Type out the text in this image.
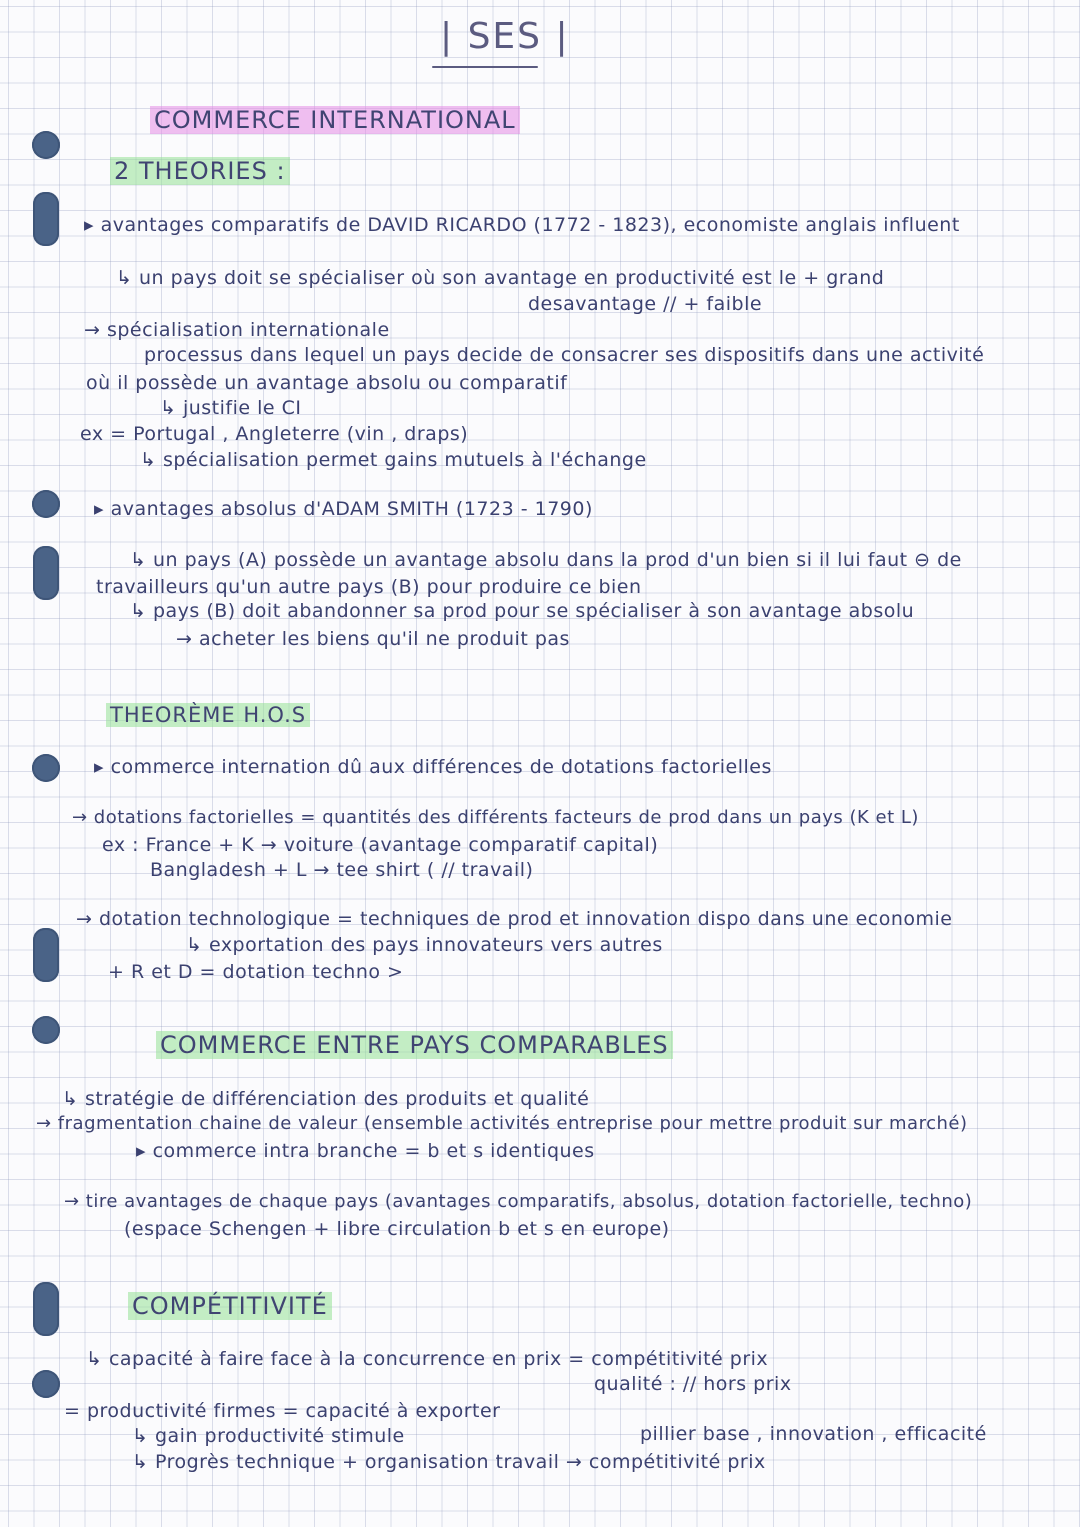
| SES |
COMMERCE INTERNATIONAL
2 THEORIES :
▸ avantages comparatifs de DAVID RICARDO (1772 - 1823), economiste anglais influent
↳ un pays doit se spécialiser où son avantage en productivité est le + grand
desavantage // + faible
→ spécialisation internationale
processus dans lequel un pays decide de consacrer ses dispositifs dans une activité
où il possède un avantage absolu ou comparatif
↳ justifie le CI
ex = Portugal , Angleterre (vin , draps)
↳ spécialisation permet gains mutuels à l'échange
▸ avantages absolus d'ADAM SMITH (1723 - 1790)
↳ un pays (A) possède un avantage absolu dans la prod d'un bien si il lui faut ⊖ de
travailleurs qu'un autre pays (B) pour produire ce bien
↳ pays (B) doit abandonner sa prod pour se spécialiser à son avantage absolu
→ acheter les biens qu'il ne produit pas
THEORÈME H.O.S
▸ commerce internation dû aux différences de dotations factorielles
→ dotations factorielles = quantités des différents facteurs de prod dans un pays (K et L)
ex : France + K → voiture (avantage comparatif capital)
Bangladesh + L → tee shirt ( // travail)
→ dotation technologique = techniques de prod et innovation dispo dans une economie
↳ exportation des pays innovateurs vers autres
+ R et D = dotation techno >
COMMERCE ENTRE PAYS COMPARABLES
↳ stratégie de différenciation des produits et qualité
→ fragmentation chaine de valeur (ensemble activités entreprise pour mettre produit sur marché)
▸ commerce intra branche = b et s identiques
→ tire avantages de chaque pays (avantages comparatifs, absolus, dotation factorielle, techno)
(espace Schengen + libre circulation b et s en europe)
COMPÉTITIVITÉ
↳ capacité à faire face à la concurrence en prix = compétitivité prix
qualité : // hors prix
= productivité firmes = capacité à exporter
↳ gain productivité stimule	pillier base , innovation , efficacité
↳ Progrès technique + organisation travail → compétitivité prix
